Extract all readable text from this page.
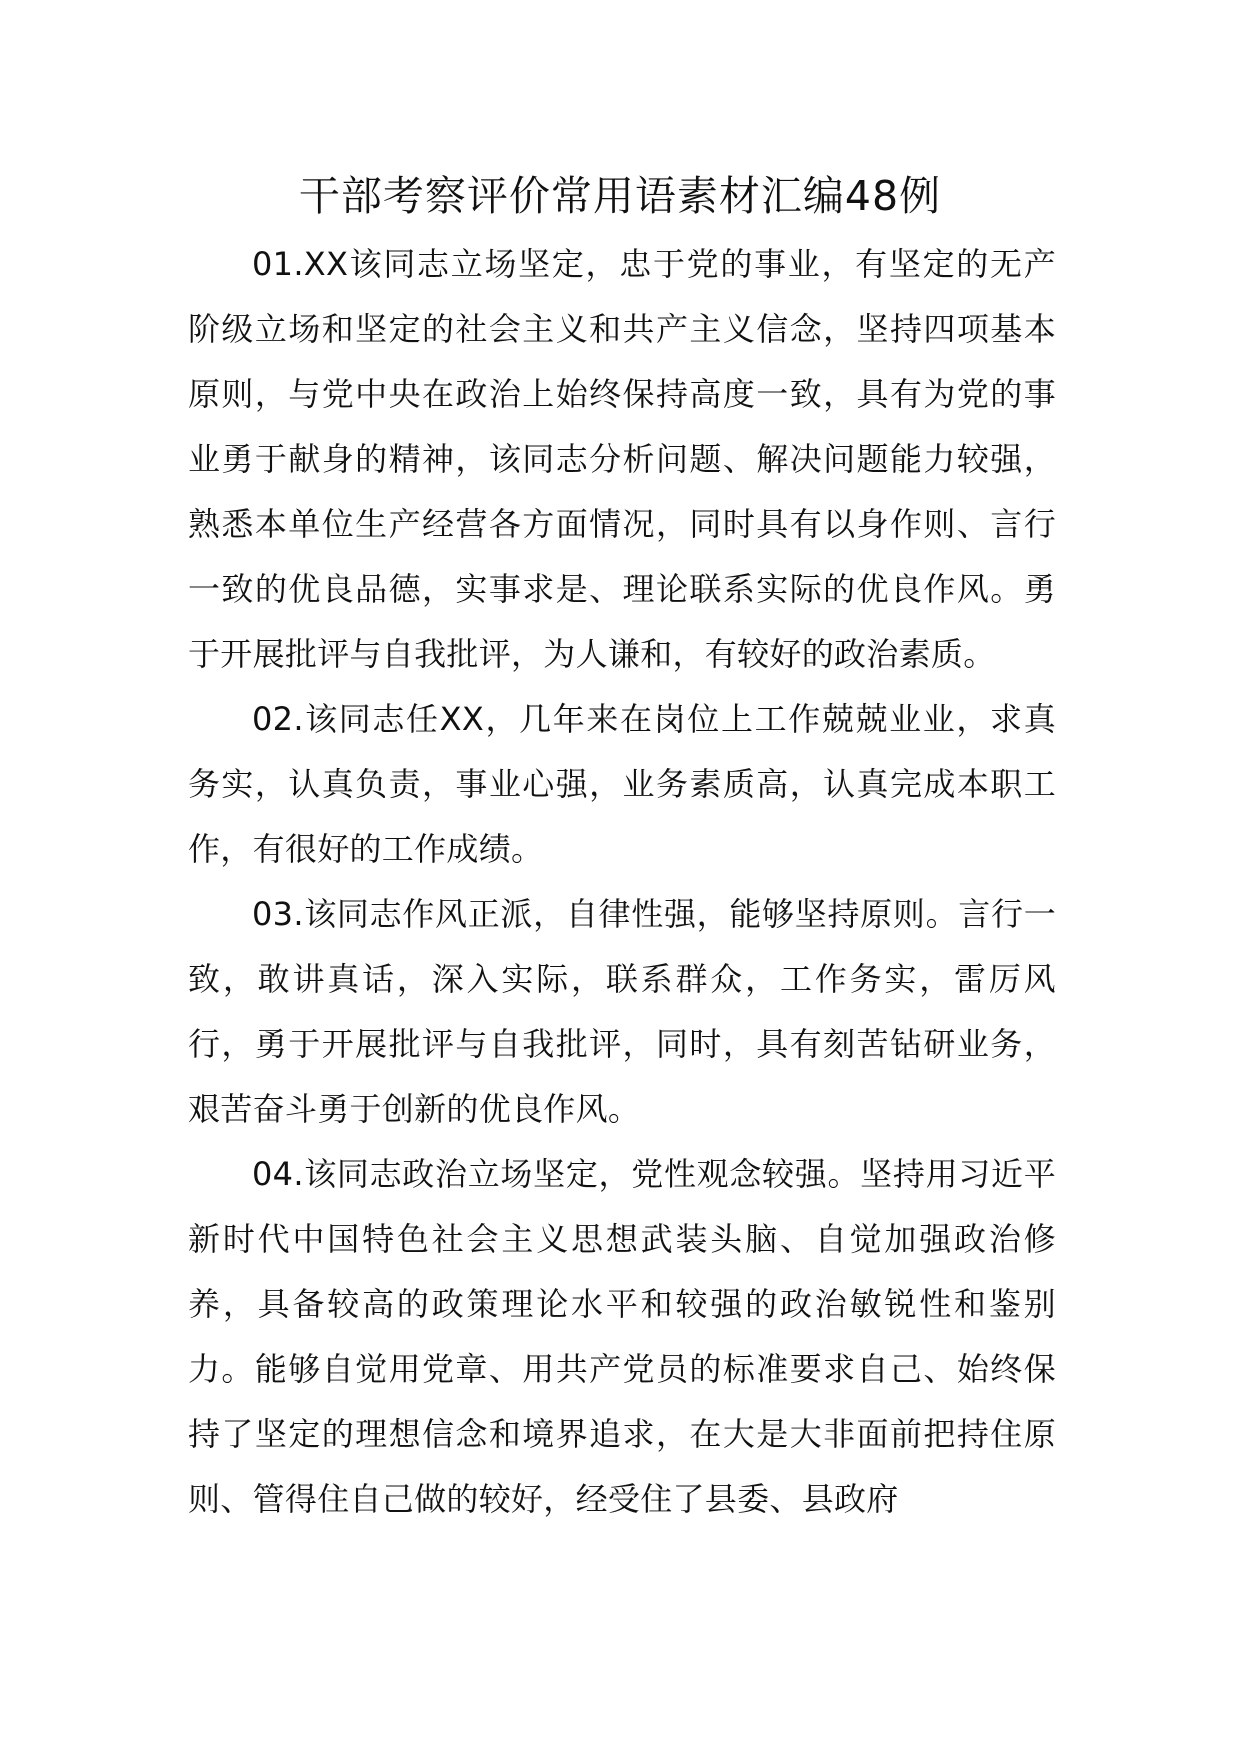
干部考察评价常用语素材汇编48例

01.XX该同志立场坚定，忠于党的事业，有坚定的无产阶级立场和坚定的社会主义和共产主义信念，坚持四项基本原则，与党中央在政治上始终保持高度一致，具有为党的事业勇于献身的精神，该同志分析问题、解决问题能力较强，熟悉本单位生产经营各方面情况，同时具有以身作则、言行一致的优良品德，实事求是、理论联系实际的优良作风。勇于开展批评与自我批评，为人谦和，有较好的政治素质。

02.该同志任XX，几年来在岗位上工作兢兢业业，求真务实，认真负责，事业心强，业务素质高，认真完成本职工作，有很好的工作成绩。

03.该同志作风正派，自律性强，能够坚持原则。言行一致，敢讲真话，深入实际，联系群众，工作务实，雷厉风行，勇于开展批评与自我批评，同时，具有刻苦钻研业务，艰苦奋斗勇于创新的优良作风。

04.该同志政治立场坚定，党性观念较强。坚持用习近平新时代中国特色社会主义思想武装头脑、自觉加强政治修养，具备较高的政策理论水平和较强的政治敏锐性和鉴别力。能够自觉用党章、用共产党员的标准要求自己、始终保持了坚定的理想信念和境界追求，在大是大非面前把持住原则、管得住自己做的较好，经受住了县委、县政府
